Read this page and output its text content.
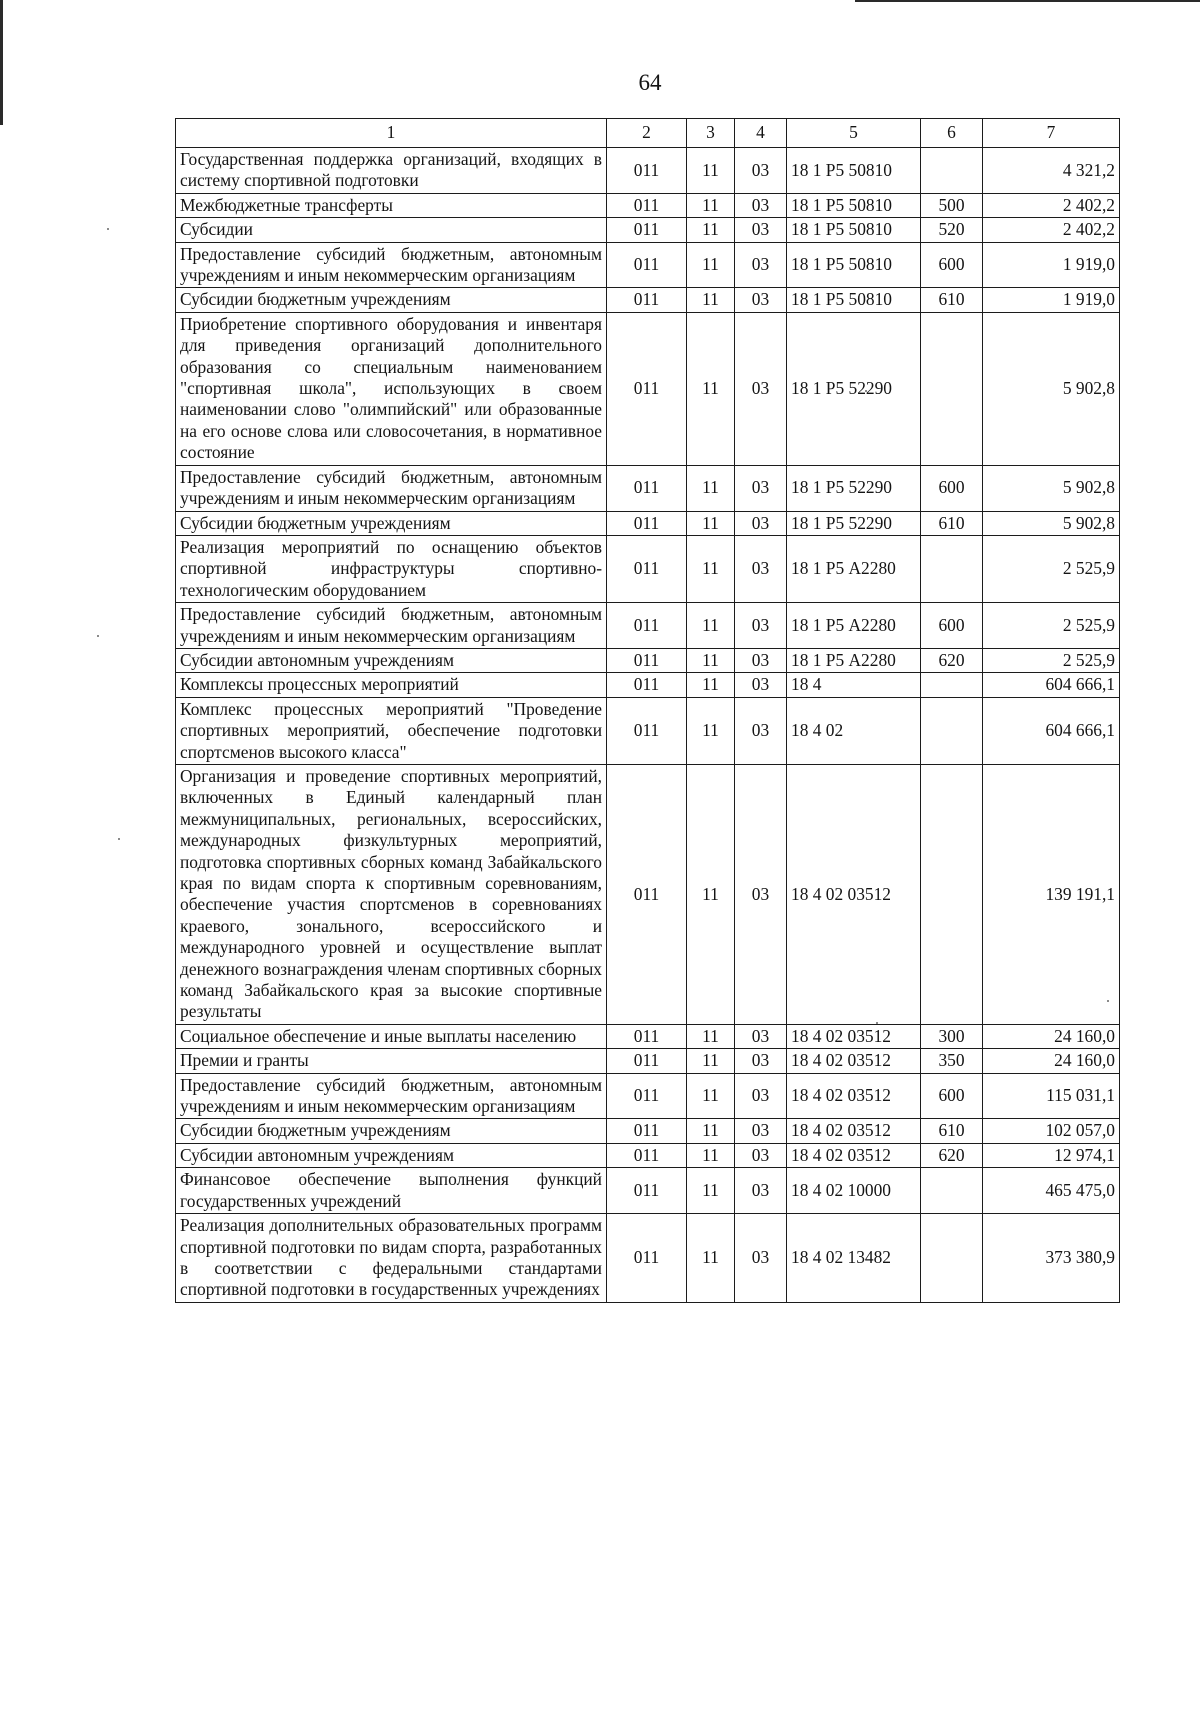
64
1	2	3	4	5	6	7
Государственная поддержка организаций, входящих в систему спортивной подготовки	011	11	03	18 1 Р5 50810		4 321,2
Межбюджетные трансферты	011	11	03	18 1 Р5 50810	500	2 402,2
Субсидии	011	11	03	18 1 Р5 50810	520	2 402,2
Предоставление субсидий бюджетным, автономным учреждениям и иным некоммерческим организациям	011	11	03	18 1 Р5 50810	600	1 919,0
Субсидии бюджетным учреждениям	011	11	03	18 1 Р5 50810	610	1 919,0
Приобретение спортивного оборудования и инвентаря для приведения организаций дополнительного образования со специальным наименованием "спортивная школа", использующих в своем наименовании слово "олимпийский" или образованные на его основе слова или словосочетания, в нормативное состояние	011	11	03	18 1 Р5 52290		5 902,8
Предоставление субсидий бюджетным, автономным учреждениям и иным некоммерческим организациям	011	11	03	18 1 Р5 52290	600	5 902,8
Субсидии бюджетным учреждениям	011	11	03	18 1 Р5 52290	610	5 902,8
Реализация мероприятий по оснащению объектов спортивной инфраструктуры спортивно-технологическим оборудованием	011	11	03	18 1 Р5 А2280		2 525,9
Предоставление субсидий бюджетным, автономным учреждениям и иным некоммерческим организациям	011	11	03	18 1 Р5 А2280	600	2 525,9
Субсидии автономным учреждениям	011	11	03	18 1 Р5 А2280	620	2 525,9
Комплексы процессных мероприятий	011	11	03	18 4		604 666,1
Комплекс процессных мероприятий "Проведение спортивных мероприятий, обеспечение подготовки спортсменов высокого класса"	011	11	03	18 4 02		604 666,1
Организация и проведение спортивных мероприятий, включенных в Единый календарный план межмуниципальных, региональных, всероссийских, международных физкультурных мероприятий, подготовка спортивных сборных команд Забайкальского края по видам спорта к спортивным соревнованиям, обеспечение участия спортсменов в соревнованиях краевого, зонального, всероссийского и международного уровней и осуществление выплат денежного вознаграждения членам спортивных сборных команд Забайкальского края за высокие спортивные результаты	011	11	03	18 4 02 03512		139 191,1
Социальное обеспечение и иные выплаты населению	011	11	03	18 4 02 03512	300	24 160,0
Премии и гранты	011	11	03	18 4 02 03512	350	24 160,0
Предоставление субсидий бюджетным, автономным учреждениям и иным некоммерческим организациям	011	11	03	18 4 02 03512	600	115 031,1
Субсидии бюджетным учреждениям	011	11	03	18 4 02 03512	610	102 057,0
Субсидии автономным учреждениям	011	11	03	18 4 02 03512	620	12 974,1
Финансовое обеспечение выполнения функций государственных учреждений	011	11	03	18 4 02 10000		465 475,0
Реализация дополнительных образовательных программ спортивной подготовки по видам спорта, разработанных в соответствии с федеральными стандартами спортивной подготовки в государственных учреждениях	011	11	03	18 4 02 13482		373 380,9
